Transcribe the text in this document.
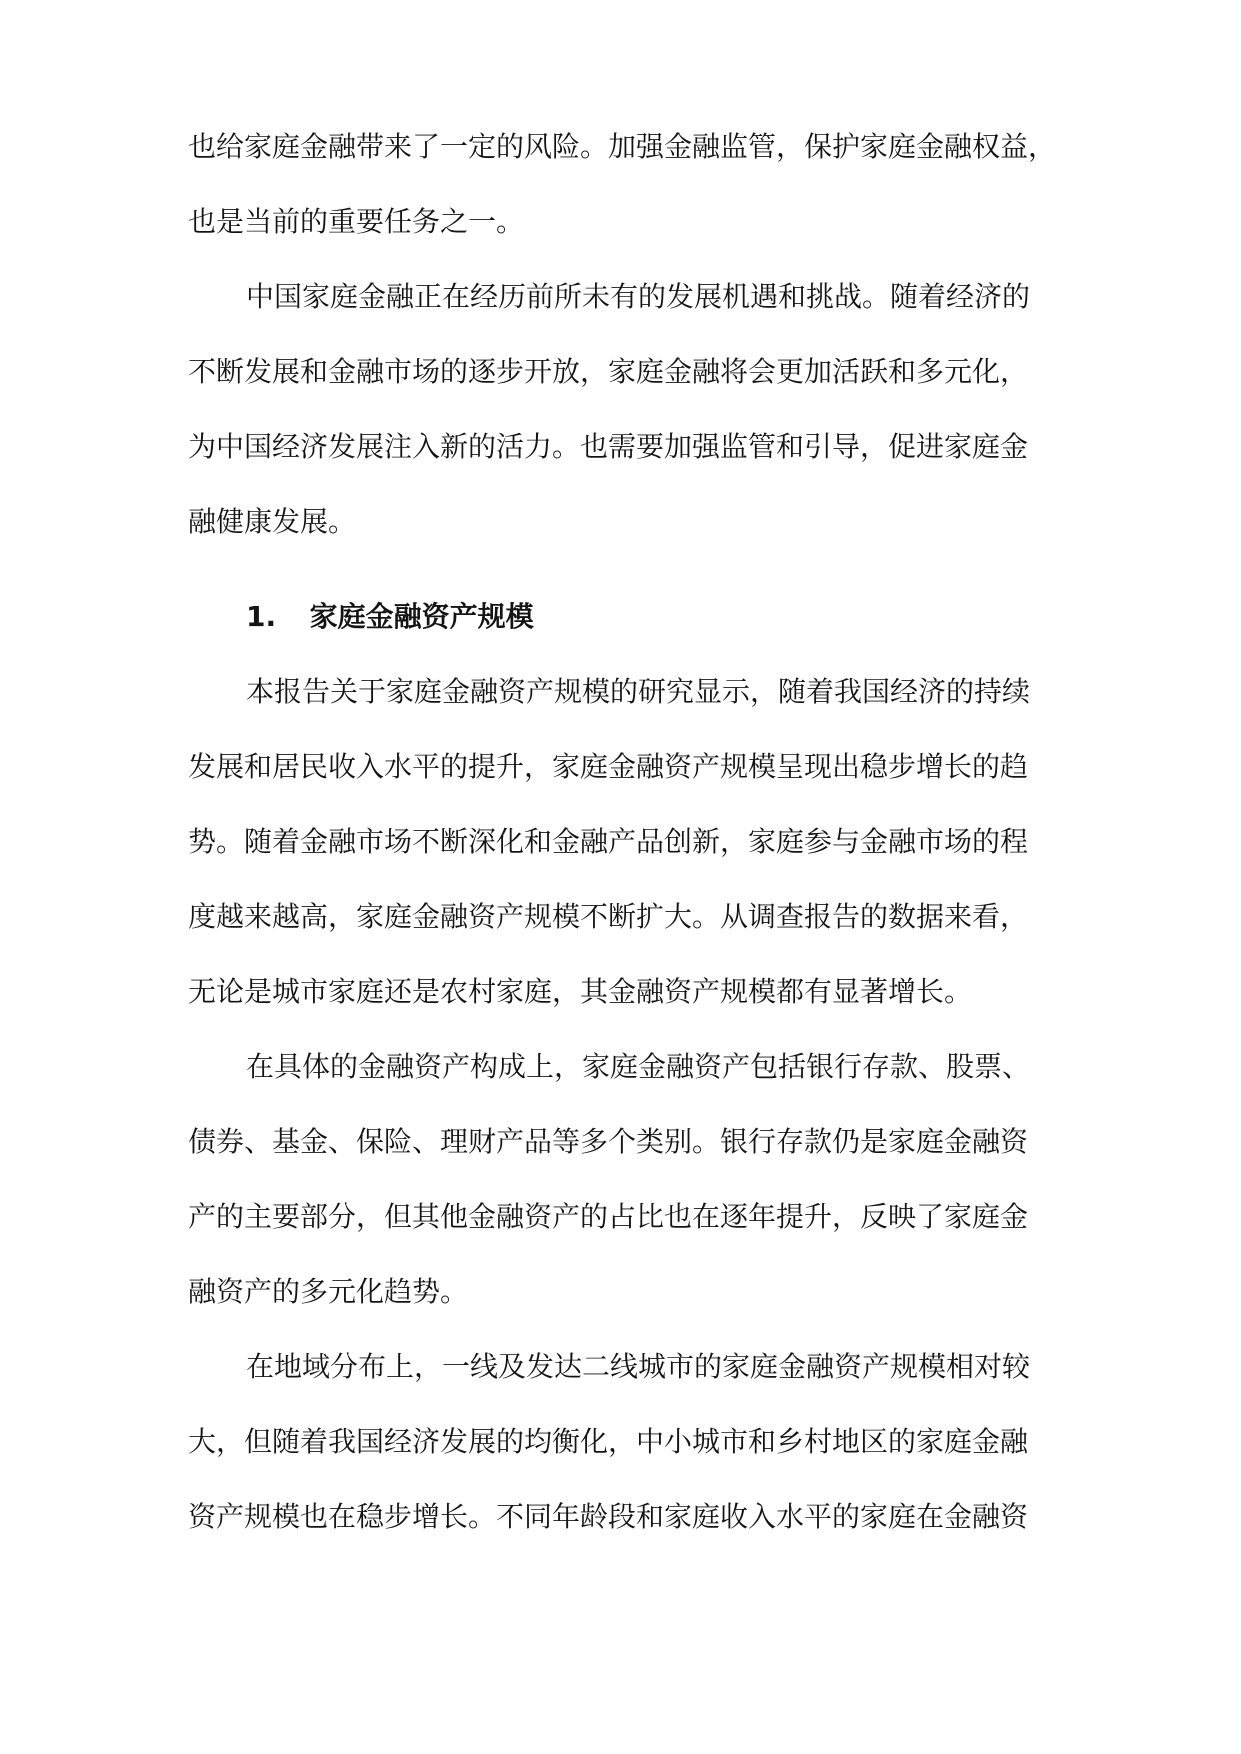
也给家庭金融带来了一定的风险。加强金融监管，保护家庭金融权益，

也是当前的重要任务之一。

中国家庭金融正在经历前所未有的发展机遇和挑战。随着经济的

不断发展和金融市场的逐步开放，家庭金融将会更加活跃和多元化，

为中国经济发展注入新的活力。也需要加强监管和引导，促进家庭金

融健康发展。

1. 家庭金融资产规模

本报告关于家庭金融资产规模的研究显示，随着我国经济的持续

发展和居民收入水平的提升，家庭金融资产规模呈现出稳步增长的趋

势。随着金融市场不断深化和金融产品创新，家庭参与金融市场的程

度越来越高，家庭金融资产规模不断扩大。从调查报告的数据来看，

无论是城市家庭还是农村家庭，其金融资产规模都有显著增长。

在具体的金融资产构成上，家庭金融资产包括银行存款、股票、

债券、基金、保险、理财产品等多个类别。银行存款仍是家庭金融资

产的主要部分，但其他金融资产的占比也在逐年提升，反映了家庭金

融资产的多元化趋势。

在地域分布上，一线及发达二线城市的家庭金融资产规模相对较

大，但随着我国经济发展的均衡化，中小城市和乡村地区的家庭金融

资产规模也在稳步增长。不同年龄段和家庭收入水平的家庭在金融资
